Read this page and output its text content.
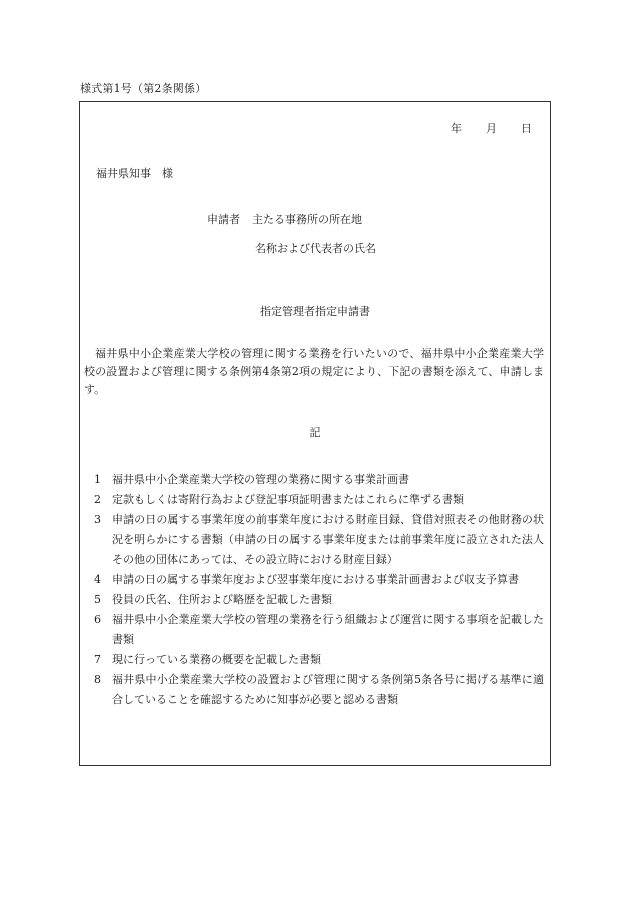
様式第1号（第2条関係）
年 月 日
福井県知事　様
申請者 主たる事務所の所在地
名称および代表者の氏名
指定管理者指定申請書
福井県中小企業産業大学校の管理に関する業務を行いたいので、福井県中小企業産業大学校の設置および管理に関する条例第4条第2項の規定により、下記の書類を添えて、申請します。
記
1	福井県中小企業産業大学校の管理の業務に関する事業計画書
2	定款もしくは寄附行為および登記事項証明書またはこれらに準ずる書類
3	申請の日の属する事業年度の前事業年度における財産目録、貸借対照表その他財務の状況を明らかにする書類（申請の日の属する事業年度または前事業年度に設立された法人その他の団体にあっては、その設立時における財産目録）
4	申請の日の属する事業年度および翌事業年度における事業計画書および収支予算書
5	役員の氏名、住所および略歴を記載した書類
6	福井県中小企業産業大学校の管理の業務を行う組織および運営に関する事項を記載した書類
7	現に行っている業務の概要を記載した書類
8	福井県中小企業産業大学校の設置および管理に関する条例第5条各号に掲げる基準に適合していることを確認するために知事が必要と認める書類
